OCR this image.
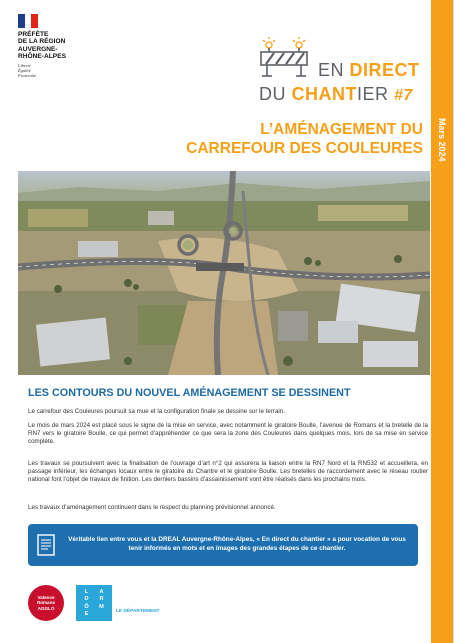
PRÉFÈTE
DE LA RÉGION
AUVERGNE-
RHÔNE-ALPES
Liberté
Égalité
Fraternité
Mars 2024
EN DIRECT
DU CHANTIER #7
L’AMÉNAGEMENT DU
CARREFOUR DES COULEURES
LES CONTOURS DU NOUVEL AMÉNAGEMENT SE DESSINENT

Le carrefour des Couleures poursuit sa mue et la configuration finale se dessine sur le terrain.

Le mois de mars 2024 est placé sous le signe de la mise en service, avec notamment le giratoire Boulle, l’avenue de Romans et la bretelle de la RN7 vers le giratoire Boulle, ce qui permet d’appréhender ce que sera la zone des Couleures dans quelques mois, lors de sa mise en service complète.

Les travaux se poursuivent avec la finalisation de l’ouvrage d’art n°2 qui assurera la liaison entre la RN7 Nord et la RN532 et accueillera, en passage inférieur, les échanges locaux entre le giratoire du Chantre et le giratoire Boulle. Les bretelles de raccordement avec le réseau routier national font l’objet de travaux de finition. Les derniers bassins d’assainissement vont être réalisés dans les prochains mois.

Les travaux d’aménagement continuent dans le respect du planning prévisionnel annoncé.

Véritable lien entre vous et la DREAL Auvergne-Rhône-Alpes, « En direct du chantier » a pour vocation de vous tenir informés en mots et en images des grandes étapes de ce chantier.
Valence
Romans
AGGLO
L	A
D	R
Ô	M
E	LE DÉPARTEMENT
